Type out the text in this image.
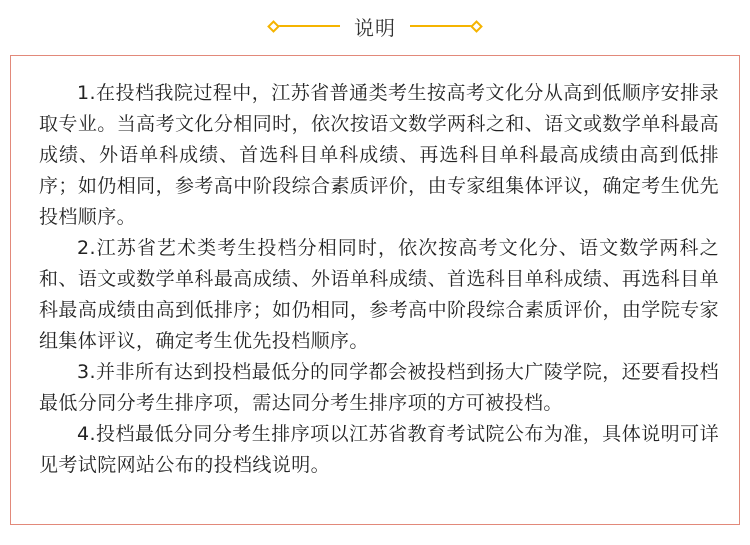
说明

1.在投档我院过程中，江苏省普通类考生按高考文化分从高到低顺序安排录取专业。当高考文化分相同时，依次按语文数学两科之和、语文或数学单科最高成绩、外语单科成绩、首选科目单科成绩、再选科目单科最高成绩由高到低排序；如仍相同，参考高中阶段综合素质评价，由专家组集体评议，确定考生优先投档顺序。

2.江苏省艺术类考生投档分相同时，依次按高考文化分、语文数学两科之和、语文或数学单科最高成绩、外语单科成绩、首选科目单科成绩、再选科目单科最高成绩由高到低排序；如仍相同，参考高中阶段综合素质评价，由学院专家组集体评议，确定考生优先投档顺序。

3.并非所有达到投档最低分的同学都会被投档到扬大广陵学院，还要看投档最低分同分考生排序项，需达同分考生排序项的方可被投档。

4.投档最低分同分考生排序项以江苏省教育考试院公布为准，具体说明可详见考试院网站公布的投档线说明。
